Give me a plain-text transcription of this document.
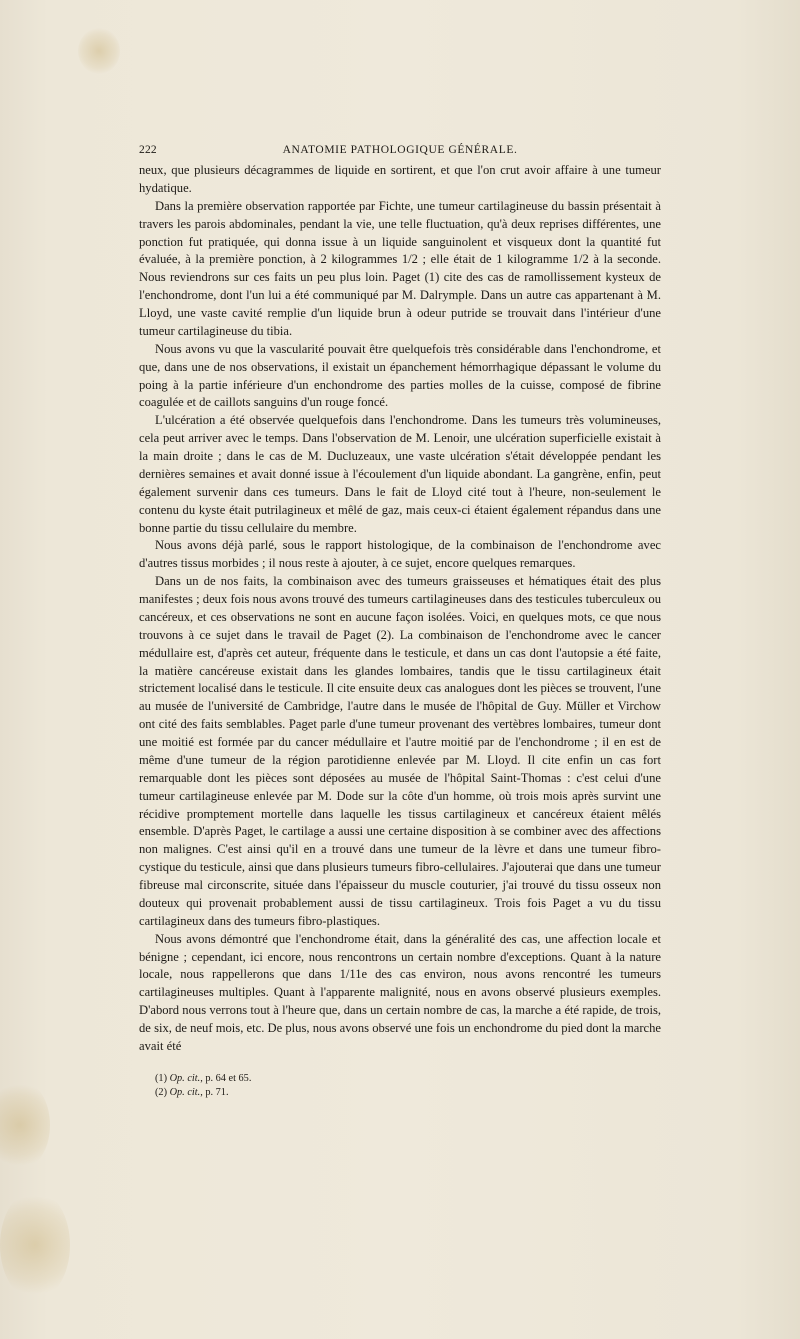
ANATOMIE PATHOLOGIQUE GÉNÉRALE.
222

neux, que plusieurs décagrammes de liquide en sortirent, et que l'on crut avoir affaire à une tumeur hydatique.

Dans la première observation rapportée par Fichte, une tumeur cartilagineuse du bassin présentait à travers les parois abdominales, pendant la vie, une telle fluctuation, qu'à deux reprises différentes, une ponction fut pratiquée, qui donna issue à un liquide sanguinolent et visqueux dont la quantité fut évaluée, à la première ponction, à 2 kilogrammes 1/2 ; elle était de 1 kilogramme 1/2 à la seconde. Nous reviendrons sur ces faits un peu plus loin. Paget (1) cite des cas de ramollissement kysteux de l'enchondrome, dont l'un lui a été communiqué par M. Dalrymple. Dans un autre cas appartenant à M. Lloyd, une vaste cavité remplie d'un liquide brun à odeur putride se trouvait dans l'intérieur d'une tumeur cartilagineuse du tibia.

Nous avons vu que la vascularité pouvait être quelquefois très considérable dans l'enchondrome, et que, dans une de nos observations, il existait un épanchement hémorrhagique dépassant le volume du poing à la partie inférieure d'un enchondrome des parties molles de la cuisse, composé de fibrine coagulée et de caillots sanguins d'un rouge foncé.

L'ulcération a été observée quelquefois dans l'enchondrome. Dans les tumeurs très volumineuses, cela peut arriver avec le temps. Dans l'observation de M. Lenoir, une ulcération superficielle existait à la main droite ; dans le cas de M. Ducluzeaux, une vaste ulcération s'était développée pendant les dernières semaines et avait donné issue à l'écoulement d'un liquide abondant. La gangrène, enfin, peut également survenir dans ces tumeurs. Dans le fait de Lloyd cité tout à l'heure, non-seulement le contenu du kyste était putrilagineux et mêlé de gaz, mais ceux-ci étaient également répandus dans une bonne partie du tissu cellulaire du membre.

Nous avons déjà parlé, sous le rapport histologique, de la combinaison de l'enchondrome avec d'autres tissus morbides ; il nous reste à ajouter, à ce sujet, encore quelques remarques.

Dans un de nos faits, la combinaison avec des tumeurs graisseuses et hématiques était des plus manifestes ; deux fois nous avons trouvé des tumeurs cartilagineuses dans des testicules tuberculeux ou cancéreux, et ces observations ne sont en aucune façon isolées. Voici, en quelques mots, ce que nous trouvons à ce sujet dans le travail de Paget (2). La combinaison de l'enchondrome avec le cancer médullaire est, d'après cet auteur, fréquente dans le testicule, et dans un cas dont l'autopsie a été faite, la matière cancéreuse existait dans les glandes lombaires, tandis que le tissu cartilagineux était strictement localisé dans le testicule. Il cite ensuite deux cas analogues dont les pièces se trouvent, l'une au musée de l'université de Cambridge, l'autre dans le musée de l'hôpital de Guy. Müller et Virchow ont cité des faits semblables. Paget parle d'une tumeur provenant des vertèbres lombaires, tumeur dont une moitié est formée par du cancer médullaire et l'autre moitié par de l'enchondrome ; il en est de même d'une tumeur de la région parotidienne enlevée par M. Lloyd. Il cite enfin un cas fort remarquable dont les pièces sont déposées au musée de l'hôpital Saint-Thomas : c'est celui d'une tumeur cartilagineuse enlevée par M. Dode sur la côte d'un homme, où trois mois après survint une récidive promptement mortelle dans laquelle les tissus cartilagineux et cancéreux étaient mêlés ensemble. D'après Paget, le cartilage a aussi une certaine disposition à se combiner avec des affections non malignes. C'est ainsi qu'il en a trouvé dans une tumeur de la lèvre et dans une tumeur fibro-cystique du testicule, ainsi que dans plusieurs tumeurs fibro-cellulaires. J'ajouterai que dans une tumeur fibreuse mal circonscrite, située dans l'épaisseur du muscle couturier, j'ai trouvé du tissu osseux non douteux qui provenait probablement aussi de tissu cartilagineux. Trois fois Paget a vu du tissu cartilagineux dans des tumeurs fibro-plastiques.

Nous avons démontré que l'enchondrome était, dans la généralité des cas, une affection locale et bénigne ; cependant, ici encore, nous rencontrons un certain nombre d'exceptions. Quant à la nature locale, nous rappellerons que dans 1/11e des cas environ, nous avons rencontré les tumeurs cartilagineuses multiples. Quant à l'apparente malignité, nous en avons observé plusieurs exemples. D'abord nous verrons tout à l'heure que, dans un certain nombre de cas, la marche a été rapide, de trois, de six, de neuf mois, etc. De plus, nous avons observé une fois un enchondrome du pied dont la marche avait été

(1) Op. cit., p. 64 et 65.
(2) Op. cit., p. 71.
